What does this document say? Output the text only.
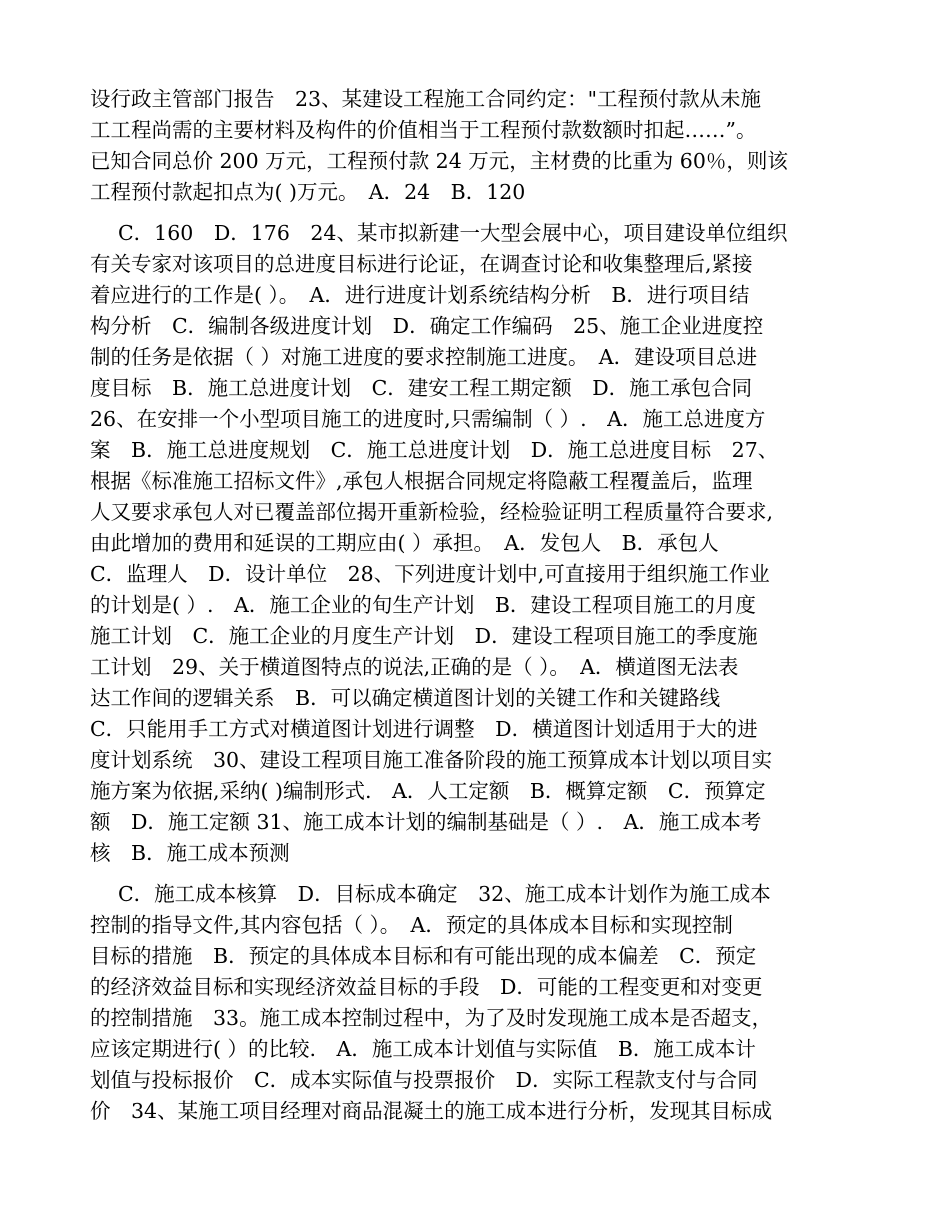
设行政主管部门报告　23、某建设工程施工合同约定："工程预付款从未施
工工程尚需的主要材料及构件的价值相当于工程预付款数额时扣起……”。
已知合同总价 200 万元，工程预付款 24 万元，主材费的比重为 60％，则该
工程预付款起扣点为( )万元。　A．24　B．120
C．160　D．176　24、某市拟新建一大型会展中心，项目建设单位组织
有关专家对该项目的总进度目标进行论证，在调查讨论和收集整理后,紧接
着应进行的工作是( ）。　A．进行进度计划系统结构分析　B．进行项目结
构分析　C．编制各级进度计划　D．确定工作编码　25、施工企业进度控
制的任务是依据（ ）对施工进度的要求控制施工进度。　A．建设项目总进
度目标　B．施工总进度计划　C．建安工程工期定额　D．施工承包合同
26、在安排一个小型项目施工的进度时,只需编制（ ）.　A．施工总进度方
案　B．施工总进度规划　C．施工总进度计划　D．施工总进度目标　27、
根据《标准施工招标文件》,承包人根据合同规定将隐蔽工程覆盖后，监理
人又要求承包人对已覆盖部位揭开重新检验，经检验证明工程质量符合要求,
由此增加的费用和延误的工期应由( ）承担。　A．发包人　B．承包人
C．监理人　D．设计单位　28、下列进度计划中,可直接用于组织施工作业
的计划是( ）.　A．施工企业的旬生产计划　B．建设工程项目施工的月度
施工计划　C．施工企业的月度生产计划　D．建设工程项目施工的季度施
工计划　29、关于横道图特点的说法,正确的是（ ）。　A．横道图无法表
达工作间的逻辑关系　B．可以确定横道图计划的关键工作和关键路线
C．只能用手工方式对横道图计划进行调整　D．横道图计划适用于大的进
度计划系统　30、建设工程项目施工准备阶段的施工预算成本计划以项目实
施方案为依据,采纳( )编制形式.　A．人工定额　B．概算定额　C．预算定
额　D．施工定额 31、施工成本计划的编制基础是（ ）.　A．施工成本考
核　B．施工成本预测
C．施工成本核算　D．目标成本确定　32、施工成本计划作为施工成本
控制的指导文件,其内容包括（ ）。　A．预定的具体成本目标和实现控制
目标的措施　B．预定的具体成本目标和有可能出现的成本偏差　C．预定
的经济效益目标和实现经济效益目标的手段　D．可能的工程变更和对变更
的控制措施　33。施工成本控制过程中，为了及时发现施工成本是否超支，
应该定期进行( ）的比较.　A．施工成本计划值与实际值　B．施工成本计
划值与投标报价　C．成本实际值与投票报价　D．实际工程款支付与合同
价　34、某施工项目经理对商品混凝土的施工成本进行分析，发现其目标成
